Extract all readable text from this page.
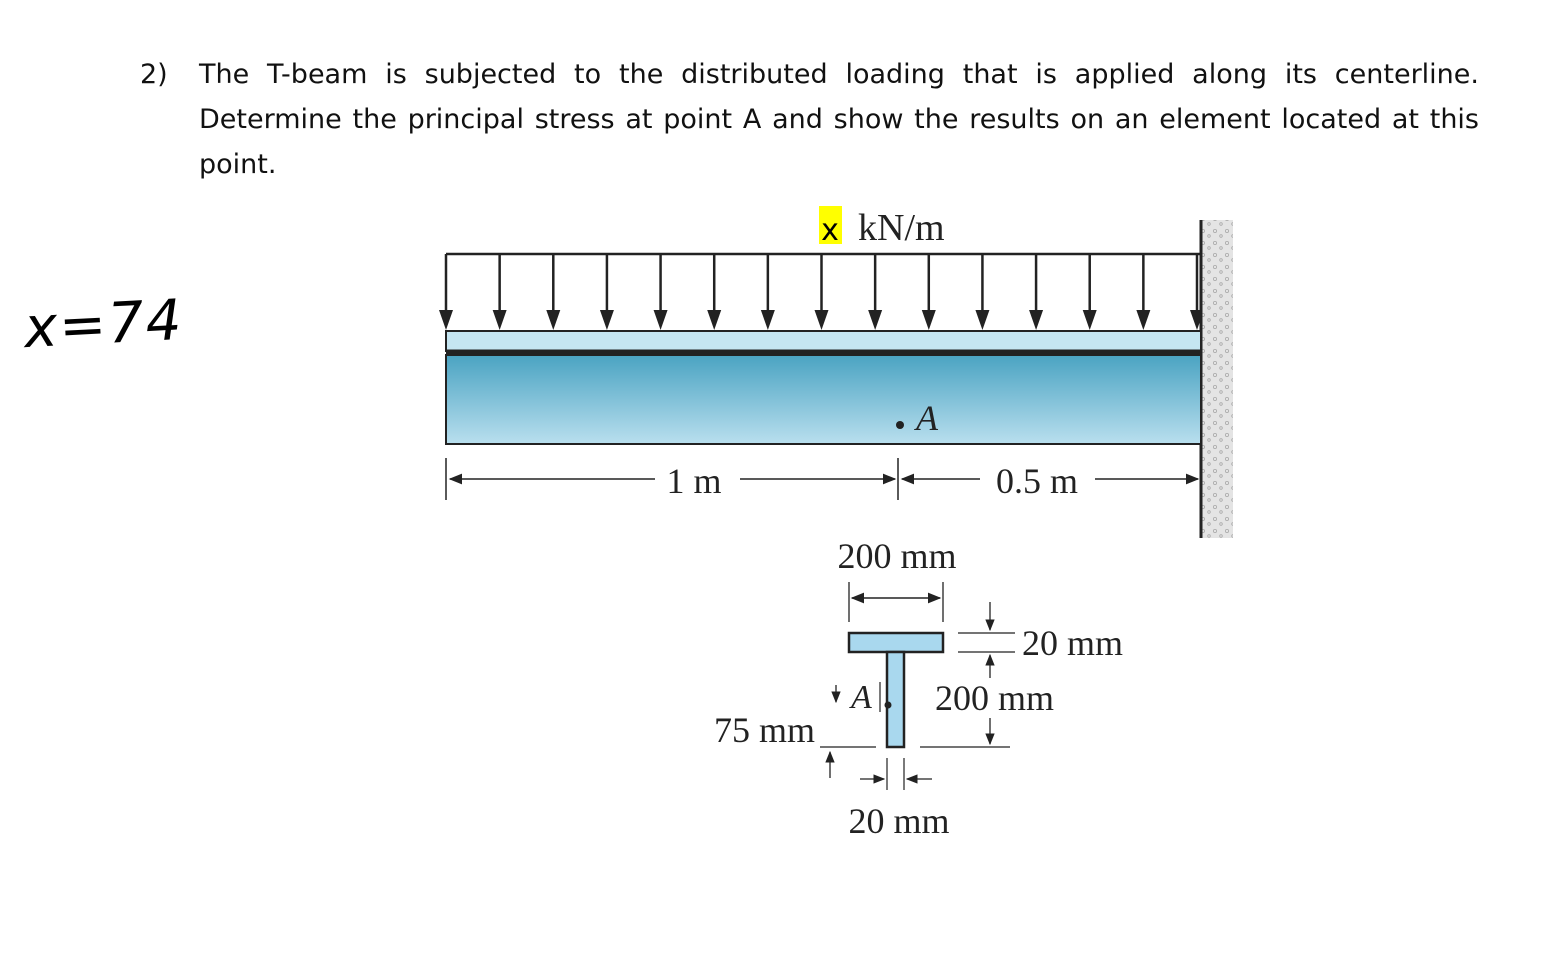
2) The T-beam is subjected to the distributed loading that is applied along its centerline. Determine the principal stress at point A and show the results on an element located at this point.
x=74
x kN/m
A
1 m	0.5 m
200 mm
A
20 mm
200 mm
75 mm
20 mm
